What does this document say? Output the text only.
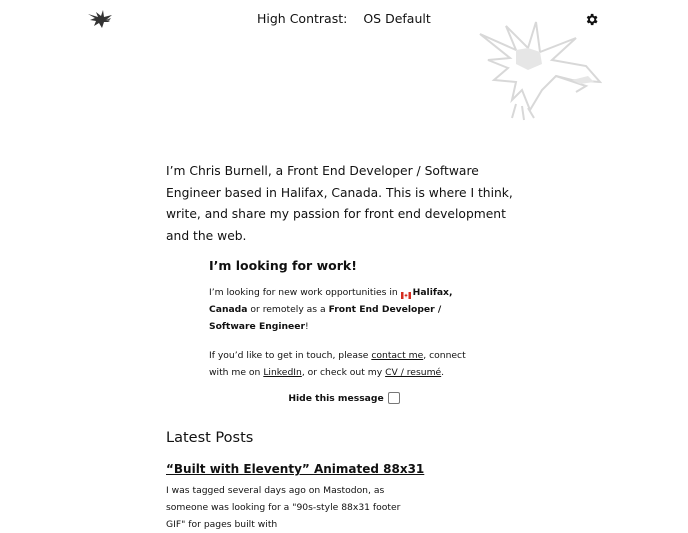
High Contrast: OS Default
I’m Chris Burnell, a Front End Developer / Software Engineer based in Halifax, Canada. This is where I think, write, and share my passion for front end development and the web.
I’m looking for work!

I’m looking for new work opportunities in Halifax, Canada or remotely as a Front End Developer / Software Engineer!

If you’d like to get in touch, please contact me, connect with me on LinkedIn, or check out my CV / resumé.

Hide this message
Latest Posts
“Built with Eleventy” Animated 88x31
I was tagged several days ago on Mastodon, as someone was looking for a "90s-style 88x31 footer GIF" for pages built with
